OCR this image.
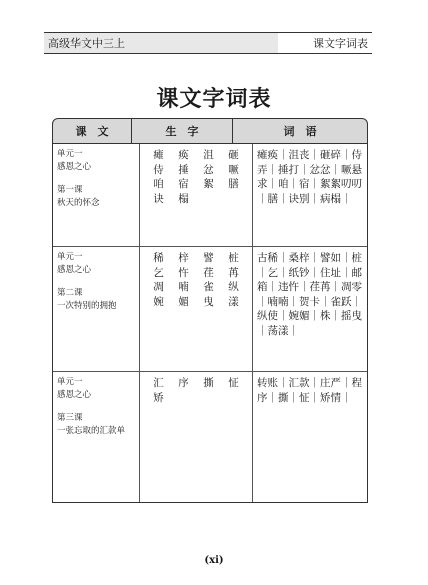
高级华文中三上	课文字词表
课文字词表
课　文	生　字	词　语
单元一
感恩之心
第一课
秋天的怀念
瘫	痪	沮	砸
侍	捶	忿	噘
咱	宿	絮	膳
诀	榻
瘫痪｜沮丧｜砸碎｜侍弄｜捶打｜忿忿｜噘悬求｜咱｜宿｜絮絮叨叨｜膳｜诀别｜病榻｜
单元一
感恩之心
第二课
一次特别的拥抱
稀	梓	譬	桩
乞	忤	荏	苒
凋	喃	雀	纵
婉	媚	曳	漾
古稀｜桑梓｜譬如｜桩｜乞｜纸钞｜住址｜邮箱｜违忤｜荏苒｜凋零｜喃喃｜贺卡｜雀跃｜纵使｜婉媚｜株｜摇曳｜荡漾｜
单元一
感恩之心
第三课
一张忘取的汇款单
汇	序	撕	怔
矫
转账｜汇款｜庄严｜程序｜撕｜怔｜矫情｜
(xi)
